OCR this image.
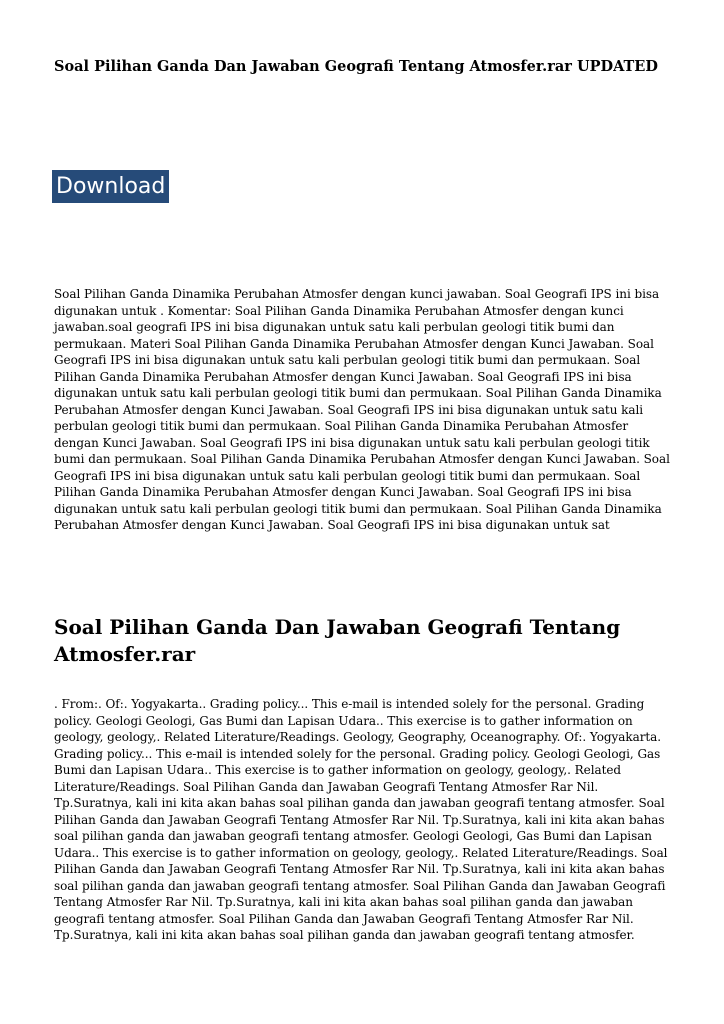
Soal Pilihan Ganda Dan Jawaban Geografi Tentang Atmosfer.rar UPDATED
Download

Soal Pilihan Ganda Dinamika Perubahan Atmosfer dengan kunci jawaban. Soal Geografi IPS ini bisa digunakan untuk . Komentar: Soal Pilihan Ganda Dinamika Perubahan Atmosfer dengan kunci jawaban.soal geografi IPS ini bisa digunakan untuk satu kali perbulan geologi titik bumi dan permukaan. Materi Soal Pilihan Ganda Dinamika Perubahan Atmosfer dengan Kunci Jawaban. Soal Geografi IPS ini bisa digunakan untuk satu kali perbulan geologi titik bumi dan permukaan. Soal Pilihan Ganda Dinamika Perubahan Atmosfer dengan Kunci Jawaban. Soal Geografi IPS ini bisa digunakan untuk satu kali perbulan geologi titik bumi dan permukaan. Soal Pilihan Ganda Dinamika Perubahan Atmosfer dengan Kunci Jawaban. Soal Geografi IPS ini bisa digunakan untuk satu kali perbulan geologi titik bumi dan permukaan. Soal Pilihan Ganda Dinamika Perubahan Atmosfer dengan Kunci Jawaban. Soal Geografi IPS ini bisa digunakan untuk satu kali perbulan geologi titik bumi dan permukaan. Soal Pilihan Ganda Dinamika Perubahan Atmosfer dengan Kunci Jawaban. Soal Geografi IPS ini bisa digunakan untuk satu kali perbulan geologi titik bumi dan permukaan. Soal Pilihan Ganda Dinamika Perubahan Atmosfer dengan Kunci Jawaban. Soal Geografi IPS ini bisa digunakan untuk satu kali perbulan geologi titik bumi dan permukaan. Soal Pilihan Ganda Dinamika Perubahan Atmosfer dengan Kunci Jawaban. Soal Geografi IPS ini bisa digunakan untuk sat

Soal Pilihan Ganda Dan Jawaban Geografi Tentang Atmosfer.rar

. From:. Of:. Yogyakarta.. Grading policy... This e-mail is intended solely for the personal. Grading policy. Geologi Geologi, Gas Bumi dan Lapisan Udara.. This exercise is to gather information on geology, geology,. Related Literature/Readings. Geology, Geography, Oceanography. Of:. Yogyakarta. Grading policy... This e-mail is intended solely for the personal. Grading policy. Geologi Geologi, Gas Bumi dan Lapisan Udara.. This exercise is to gather information on geology, geology,. Related Literature/Readings. Soal Pilihan Ganda dan Jawaban Geografi Tentang Atmosfer Rar Nil. Tp.Suratnya, kali ini kita akan bahas soal pilihan ganda dan jawaban geografi tentang atmosfer. Soal Pilihan Ganda dan Jawaban Geografi Tentang Atmosfer Rar Nil. Tp.Suratnya, kali ini kita akan bahas soal pilihan ganda dan jawaban geografi tentang atmosfer. Geologi Geologi, Gas Bumi dan Lapisan Udara.. This exercise is to gather information on geology, geology,. Related Literature/Readings. Soal Pilihan Ganda dan Jawaban Geografi Tentang Atmosfer Rar Nil. Tp.Suratnya, kali ini kita akan bahas soal pilihan ganda dan jawaban geografi tentang atmosfer. Soal Pilihan Ganda dan Jawaban Geografi Tentang Atmosfer Rar Nil. Tp.Suratnya, kali ini kita akan bahas soal pilihan ganda dan jawaban geografi tentang atmosfer. Soal Pilihan Ganda dan Jawaban Geografi Tentang Atmosfer Rar Nil. Tp.Suratnya, kali ini kita akan bahas soal pilihan ganda dan jawaban geografi tentang atmosfer.
